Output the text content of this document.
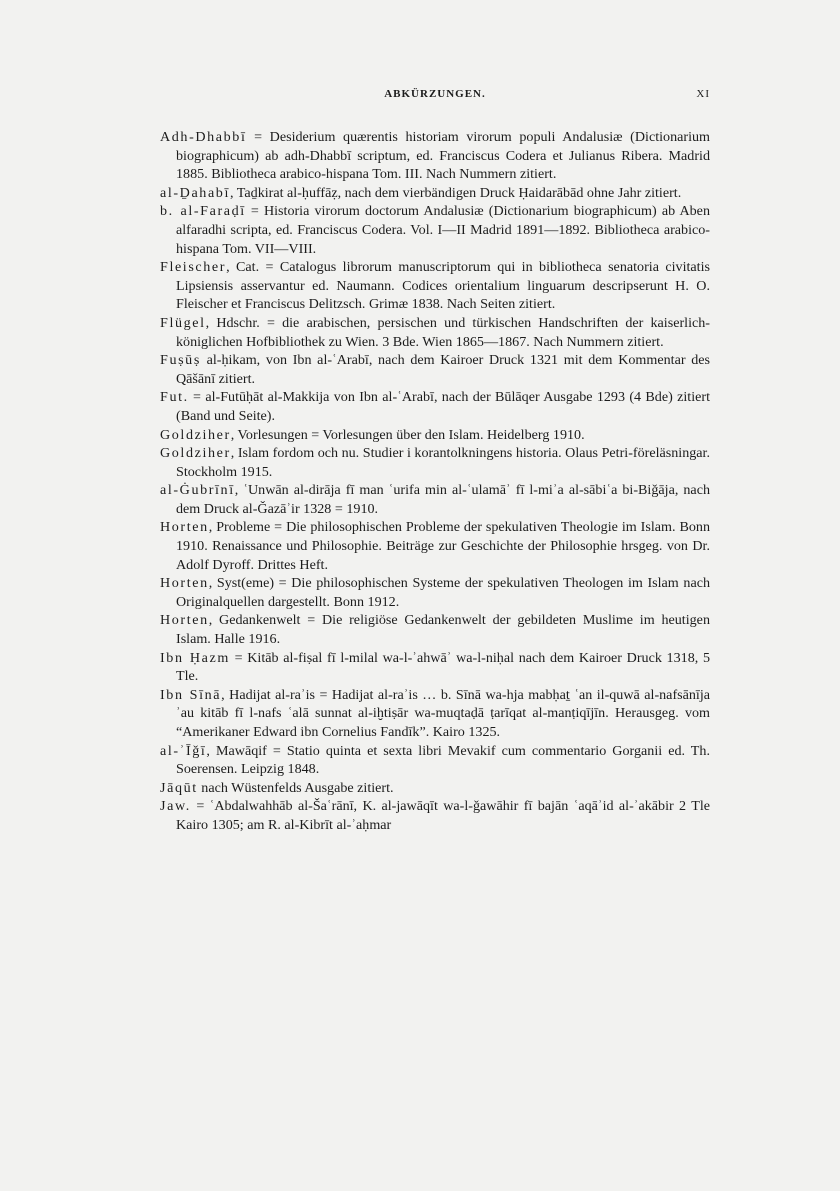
ABKÜRZUNGEN.	XI

Adh-Dhabbī = Desiderium quærentis historiam virorum populi Andalusiæ (Dictionarium biographicum) ab adh-Dhabbī scriptum, ed. Franciscus Codera et Julianus Ribera. Madrid 1885. Bibliotheca arabico-hispana Tom. III. Nach Nummern zitiert.

al-Ḏahabī, Taḏkirat al-ḥuffāẓ, nach dem vierbändigen Druck Ḥaidarābād ohne Jahr zitiert.

b. al-Faraḍī = Historia virorum doctorum Andalusiæ (Dictionarium biographicum) ab Aben alfaradhi scripta, ed. Franciscus Codera. Vol. I—II Madrid 1891—1892. Bibliotheca arabico-hispana Tom. VII—VIII.

Fleischer, Cat. = Catalogus librorum manuscriptorum qui in bibliotheca senatoria civitatis Lipsiensis asservantur ed. Naumann. Codices orientalium linguarum descripserunt H. O. Fleischer et Franciscus Delitzsch. Grimæ 1838. Nach Seiten zitiert.

Flügel, Hdschr. = die arabischen, persischen und türkischen Handschriften der kaiserlich-königlichen Hofbibliothek zu Wien. 3 Bde. Wien 1865—1867. Nach Nummern zitiert.

Fuṣūṣ al-ḥikam, von Ibn al-ʿArabī, nach dem Kairoer Druck 1321 mit dem Kommentar des Qāšānī zitiert.

Fut. = al-Futūḥāt al-Makkija von Ibn al-ʿArabī, nach der Būlāqer Ausgabe 1293 (4 Bde) zitiert (Band und Seite).

Goldziher, Vorlesungen = Vorlesungen über den Islam. Heidelberg 1910.

Goldziher, Islam fordom och nu. Studier i korantolkningens historia. Olaus Petri-föreläsningar. Stockholm 1915.

al-Ġubrīnī, ʿUnwān al-dirāja fī man ʿurifa min al-ʿulamāʾ fī l-miʾa al-sābiʿa bi-Biǧāja, nach dem Druck al-Ǧazāʾir 1328 = 1910.

Horten, Probleme = Die philosophischen Probleme der spekulativen Theologie im Islam. Bonn 1910. Renaissance und Philosophie. Beiträge zur Geschichte der Philosophie hrsgeg. von Dr. Adolf Dyroff. Drittes Heft.

Horten, Syst(eme) = Die philosophischen Systeme der spekulativen Theologen im Islam nach Originalquellen dargestellt. Bonn 1912.

Horten, Gedankenwelt = Die religiöse Gedankenwelt der gebildeten Muslime im heutigen Islam. Halle 1916.

Ibn Ḥazm = Kitāb al-fiṣal fī l-milal wa-l-ʾahwāʾ wa-l-niḥal nach dem Kairoer Druck 1318, 5 Tle.

Ibn Sīnā, Hadijat al-raʾis = Hadijat al-raʾis … b. Sīnā wa-hja mabḥaṯ ʿan il-quwā al-nafsānīja ʾau kitāb fī l-nafs ʿalā sunnat al-iḫtiṣār wa-muqtaḍā ṭarīqat al-manṭiqījīn. Herausgeg. vom “Amerikaner Edward ibn Cornelius Fandīk”. Kairo 1325.

al-ʾĪǧī, Mawāqif = Statio quinta et sexta libri Mevakif cum commentario Gorganii ed. Th. Soerensen. Leipzig 1848.

Jāqūt nach Wüstenfelds Ausgabe zitiert.

Jaw. = ʿAbdalwahhāb al-Šaʿrānī, K. al-jawāqīt wa-l-ǧawāhir fī bajān ʿaqāʾid al-ʾakābir 2 Tle Kairo 1305; am R. al-Kibrīt al-ʾaḥmar
